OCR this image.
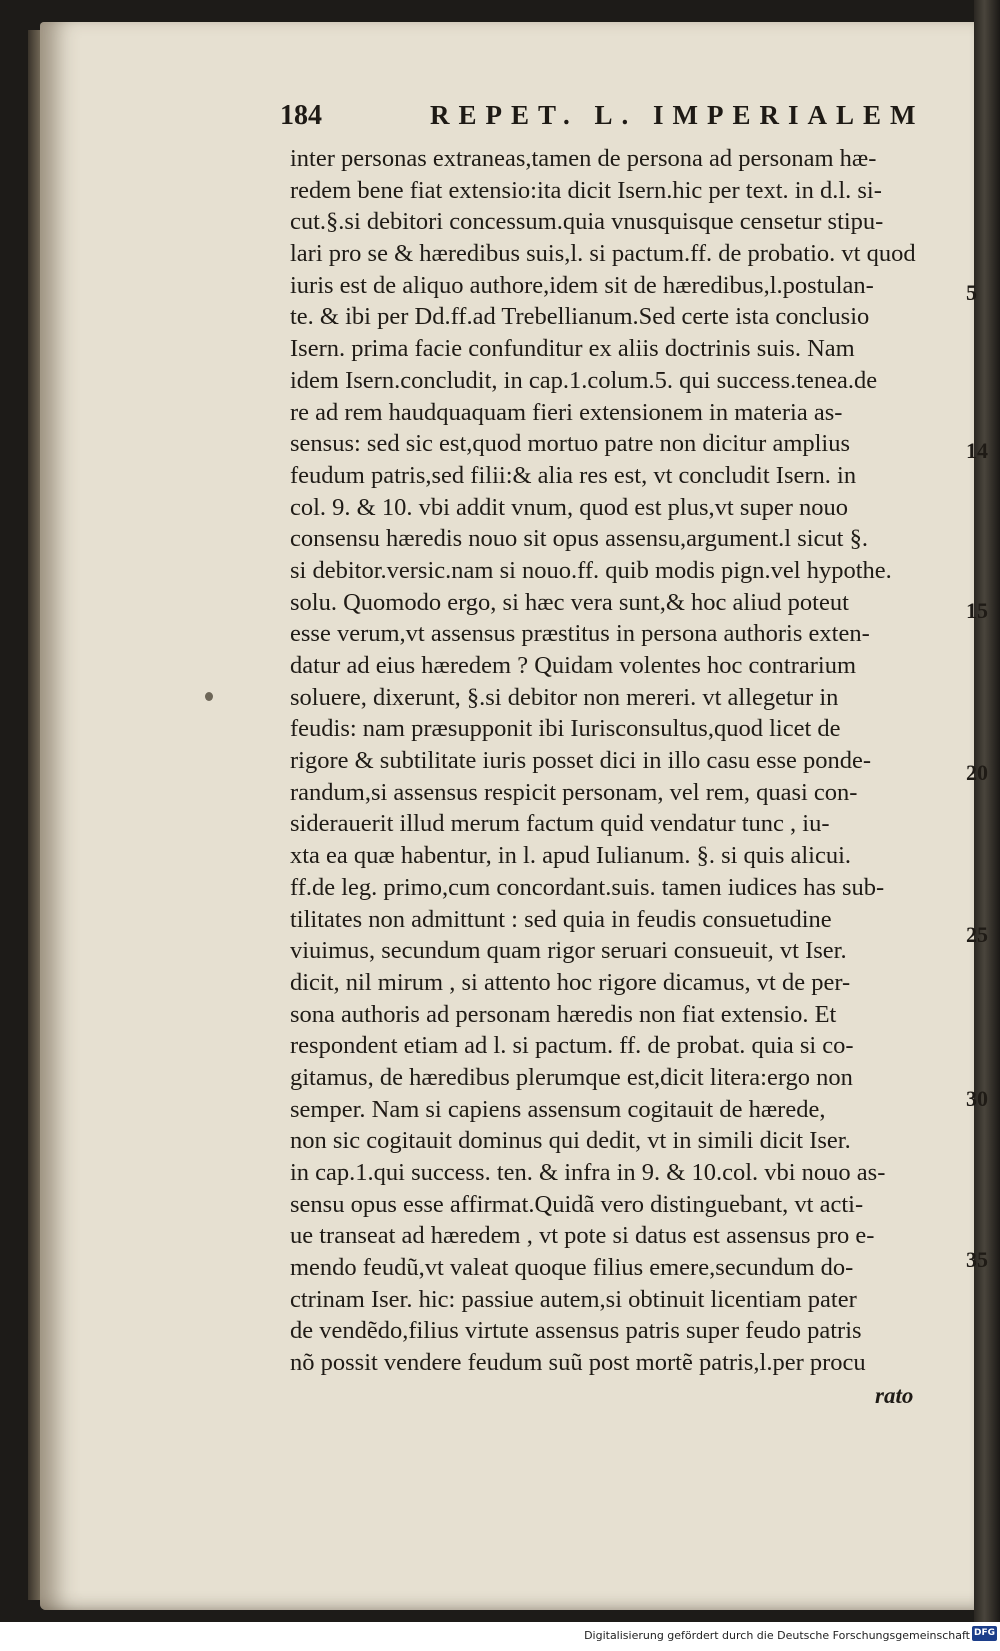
184	REPET. L. IMPERIALEM
inter personas extraneas,tamen de persona ad personam hæ-
redem bene fiat extensio:ita dicit Isern.hic per text. in d.l. si-
cut.§.si debitori concessum.quia vnusquisque censetur stipu-
lari pro se & hæredibus suis,l. si pactum.ff. de probatio. vt quod
iuris est de aliquo authore,idem sit de hæredibus,l.postulan-
te. & ibi per Dd.ff.ad Trebellianum.Sed certe ista conclusio
Isern. prima facie confunditur ex aliis doctrinis suis. Nam
idem Isern.concludit, in cap.1.colum.5. qui success.tenea.de
re ad rem haudquaquam fieri extensionem in materia as-
sensus: sed sic est,quod mortuo patre non dicitur amplius
feudum patris,sed filii:& alia res est, vt concludit Isern. in
col. 9. & 10. vbi addit vnum, quod est plus,vt super nouo
consensu hæredis nouo sit opus assensu,argument.l sicut §.
si debitor.versic.nam si nouo.ff. quib modis pign.vel hypothe.
solu. Quomodo ergo, si hæc vera sunt,& hoc aliud poteut
esse verum,vt assensus præstitus in persona authoris exten-
datur ad eius hæredem ? Quidam volentes hoc contrarium
soluere, dixerunt, §.si debitor non mereri. vt allegetur in
feudis: nam præsupponit ibi Iurisconsultus,quod licet de
rigore & subtilitate iuris posset dici in illo casu esse ponde-
randum,si assensus respicit personam, vel rem, quasi con-
siderauerit illud merum factum quid vendatur tunc , iu-
xta ea quæ habentur, in l. apud Iulianum. §. si quis alicui.
ff.de leg. primo,cum concordant.suis. tamen iudices has sub-
tilitates non admittunt : sed quia in feudis consuetudine
viuimus, secundum quam rigor seruari consueuit, vt Iser.
dicit, nil mirum , si attento hoc rigore dicamus, vt de per-
sona authoris ad personam hæredis non fiat extensio. Et
respondent etiam ad l. si pactum. ff. de probat. quia si co-
gitamus, de hæredibus plerumque est,dicit litera:ergo non
semper. Nam si capiens assensum cogitauit de hærede,
non sic cogitauit dominus qui dedit, vt in simili dicit Iser.
in cap.1.qui success. ten. & infra in 9. & 10.col. vbi nouo as-
sensu opus esse affirmat.Quidã vero distinguebant, vt acti-
ue transeat ad hæredem , vt pote si datus est assensus pro e-
mendo feudũ,vt valeat quoque filius emere,secundum do-
ctrinam Iser. hic: passiue autem,si obtinuit licentiam pater
de vendẽdo,filius virtute assensus patris super feudo patris
nõ possit vendere feudum suũ post mortẽ patris,l.per procu
rato
5
14
15
20
25
30
35
Digitalisierung gefördert durch die Deutsche Forschungsgemeinschaft DFG
